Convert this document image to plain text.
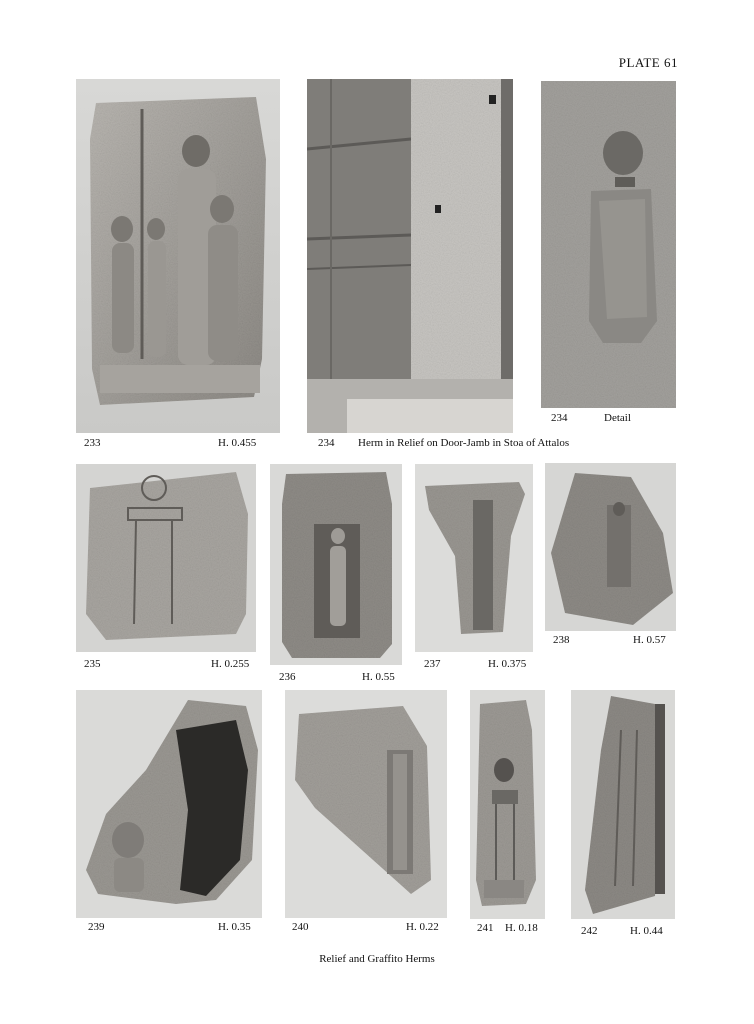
PLATE 61
233	H. 0.455	234 Herm in Relief on Door-Jamb in Stoa of Attalos
234	Detail
235	H. 0.255
236	H. 0.55
237	H. 0.375
238	H. 0.57
239	H. 0.35	240	H. 0.22	241 H. 0.18	242	H. 0.44
Relief and Graffito Herms
